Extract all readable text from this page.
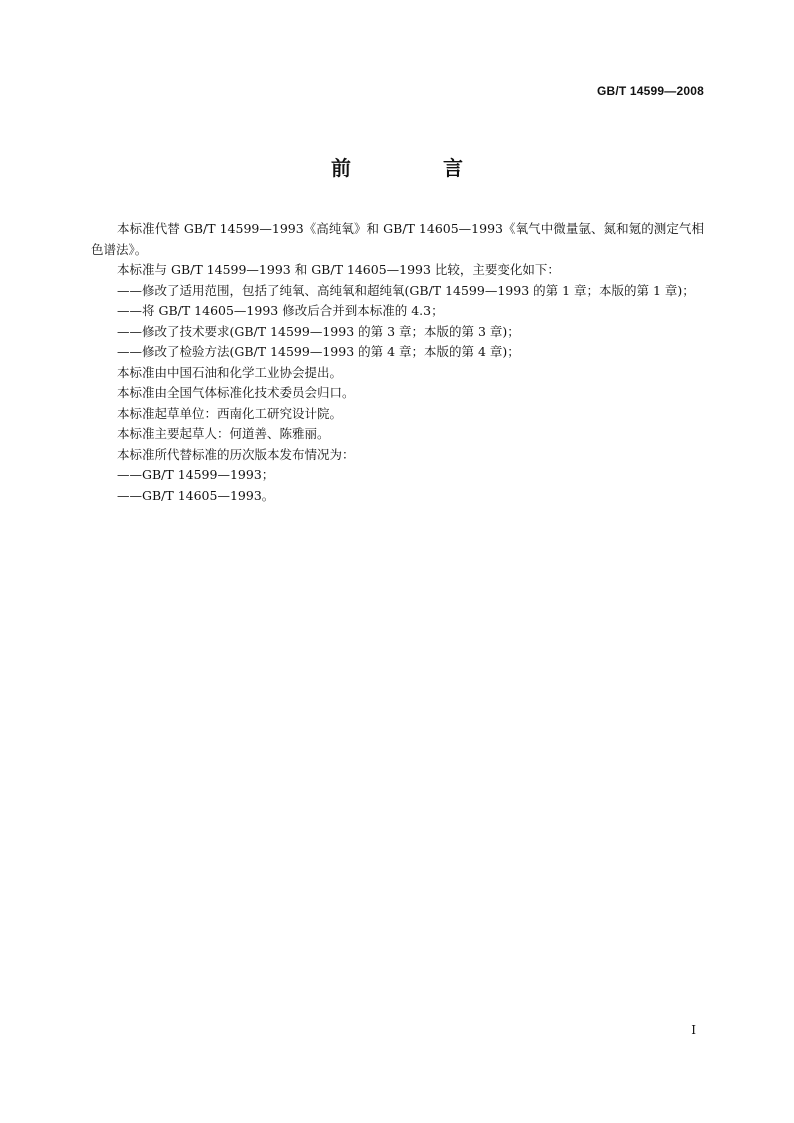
GB/T 14599—2008
前　言

本标准代替 GB/T 14599—1993《高纯氧》和 GB/T 14605—1993《氧气中微量氩、氮和氪的测定气相色谱法》。

本标准与 GB/T 14599—1993 和 GB/T 14605—1993 比较，主要变化如下：

——修改了适用范围，包括了纯氧、高纯氧和超纯氧(GB/T 14599—1993 的第 1 章；本版的第 1 章)；

——将 GB/T 14605—1993 修改后合并到本标准的 4.3；

——修改了技术要求(GB/T 14599—1993 的第 3 章；本版的第 3 章)；

——修改了检验方法(GB/T 14599—1993 的第 4 章；本版的第 4 章)；

本标准由中国石油和化学工业协会提出。

本标准由全国气体标准化技术委员会归口。

本标准起草单位：西南化工研究设计院。

本标准主要起草人：何道善、陈雅丽。

本标准所代替标准的历次版本发布情况为：

——GB/T 14599—1993；

——GB/T 14605—1993。

I
